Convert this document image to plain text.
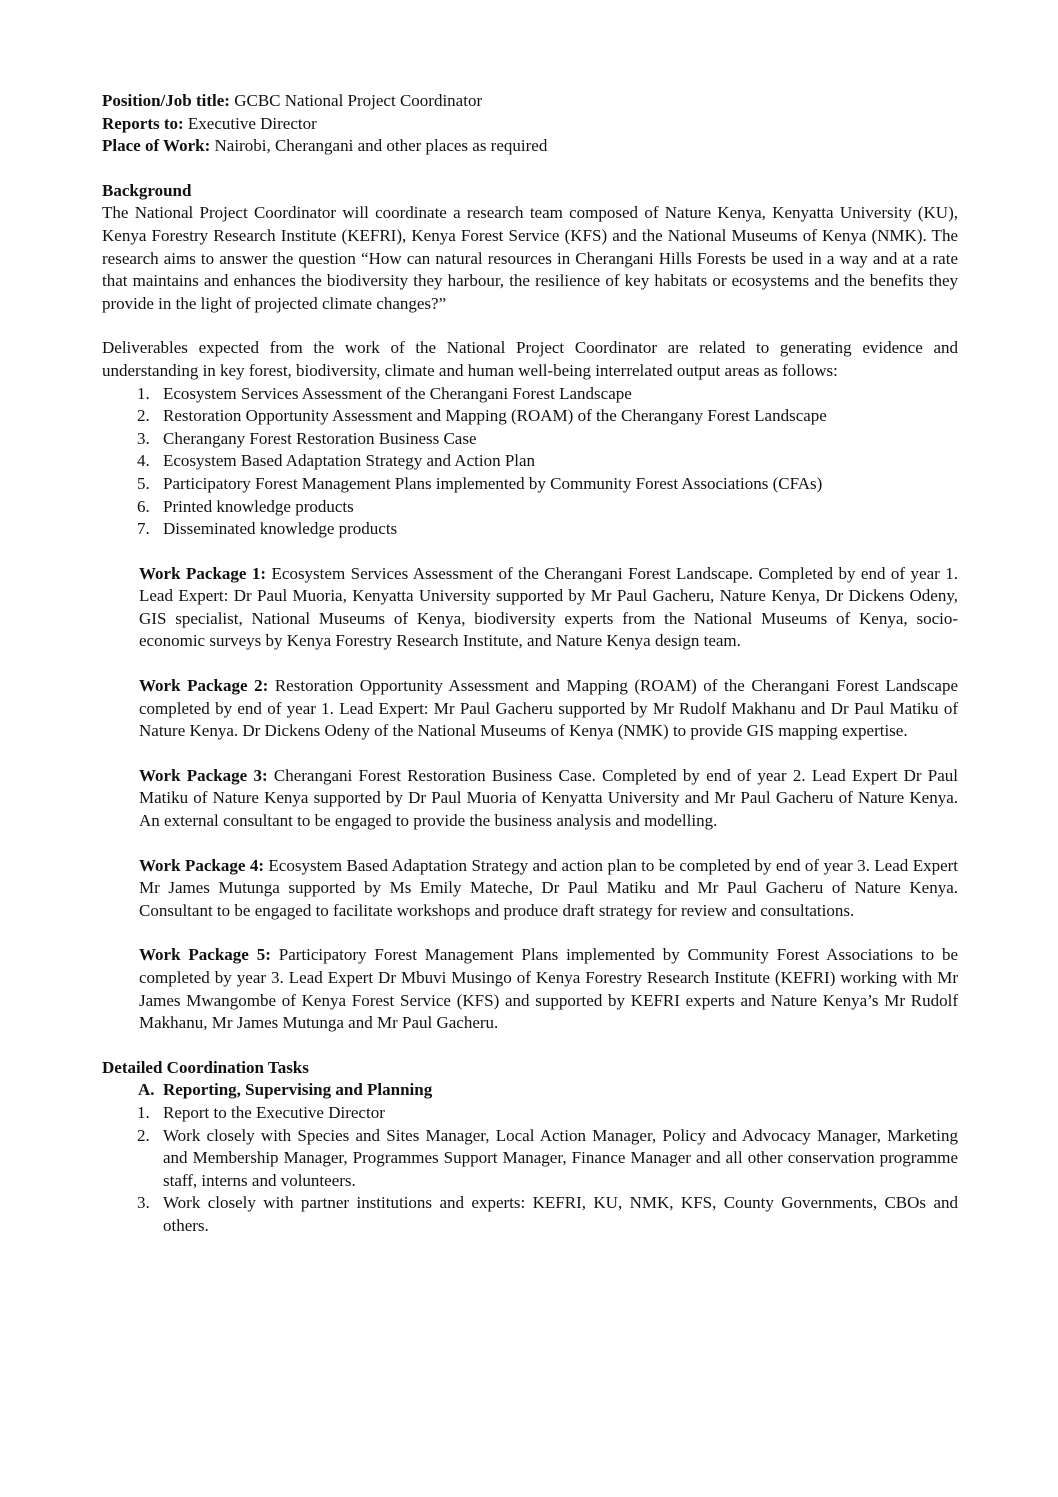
Position/Job title: GCBC National Project Coordinator

Reports to: Executive Director

Place of Work: Nairobi, Cherangani and other places as required

Background

The National Project Coordinator will coordinate a research team composed of Nature Kenya, Kenyatta University (KU), Kenya Forestry Research Institute (KEFRI), Kenya Forest Service (KFS) and the National Museums of Kenya (NMK). The research aims to answer the question “How can natural resources in Cherangani Hills Forests be used in a way and at a rate that maintains and enhances the biodiversity they harbour, the resilience of key habitats or ecosystems and the benefits they provide in the light of projected climate changes?”

Deliverables expected from the work of the National Project Coordinator are related to generating evidence and understanding in key forest, biodiversity, climate and human well-being interrelated output areas as follows:

1. Ecosystem Services Assessment of the Cherangani Forest Landscape
2. Restoration Opportunity Assessment and Mapping (ROAM) of the Cherangany Forest Landscape
3. Cherangany Forest Restoration Business Case
4. Ecosystem Based Adaptation Strategy and Action Plan
5. Participatory Forest Management Plans implemented by Community Forest Associations (CFAs)
6. Printed knowledge products
7. Disseminated knowledge products

Work Package 1: Ecosystem Services Assessment of the Cherangani Forest Landscape. Completed by end of year 1. Lead Expert: Dr Paul Muoria, Kenyatta University supported by Mr Paul Gacheru, Nature Kenya, Dr Dickens Odeny, GIS specialist, National Museums of Kenya, biodiversity experts from the National Museums of Kenya, socio-economic surveys by Kenya Forestry Research Institute, and Nature Kenya design team.

Work Package 2: Restoration Opportunity Assessment and Mapping (ROAM) of the Cherangani Forest Landscape completed by end of year 1. Lead Expert: Mr Paul Gacheru supported by Mr Rudolf Makhanu and Dr Paul Matiku of Nature Kenya. Dr Dickens Odeny of the National Museums of Kenya (NMK) to provide GIS mapping expertise.

Work Package 3: Cherangani Forest Restoration Business Case. Completed by end of year 2. Lead Expert Dr Paul Matiku of Nature Kenya supported by Dr Paul Muoria of Kenyatta University and Mr Paul Gacheru of Nature Kenya. An external consultant to be engaged to provide the business analysis and modelling.

Work Package 4: Ecosystem Based Adaptation Strategy and action plan to be completed by end of year 3. Lead Expert Mr James Mutunga supported by Ms Emily Mateche, Dr Paul Matiku and Mr Paul Gacheru of Nature Kenya. Consultant to be engaged to facilitate workshops and produce draft strategy for review and consultations.

Work Package 5: Participatory Forest Management Plans implemented by Community Forest Associations to be completed by year 3. Lead Expert Dr Mbuvi Musingo of Kenya Forestry Research Institute (KEFRI) working with Mr James Mwangombe of Kenya Forest Service (KFS) and supported by KEFRI experts and Nature Kenya’s Mr Rudolf Makhanu, Mr James Mutunga and Mr Paul Gacheru.

Detailed Coordination Tasks

A. Reporting, Supervising and Planning

1. Report to the Executive Director
2. Work closely with Species and Sites Manager, Local Action Manager, Policy and Advocacy Manager, Marketing and Membership Manager, Programmes Support Manager, Finance Manager and all other conservation programme staff, interns and volunteers.
3. Work closely with partner institutions and experts: KEFRI, KU, NMK, KFS, County Governments, CBOs and others.
